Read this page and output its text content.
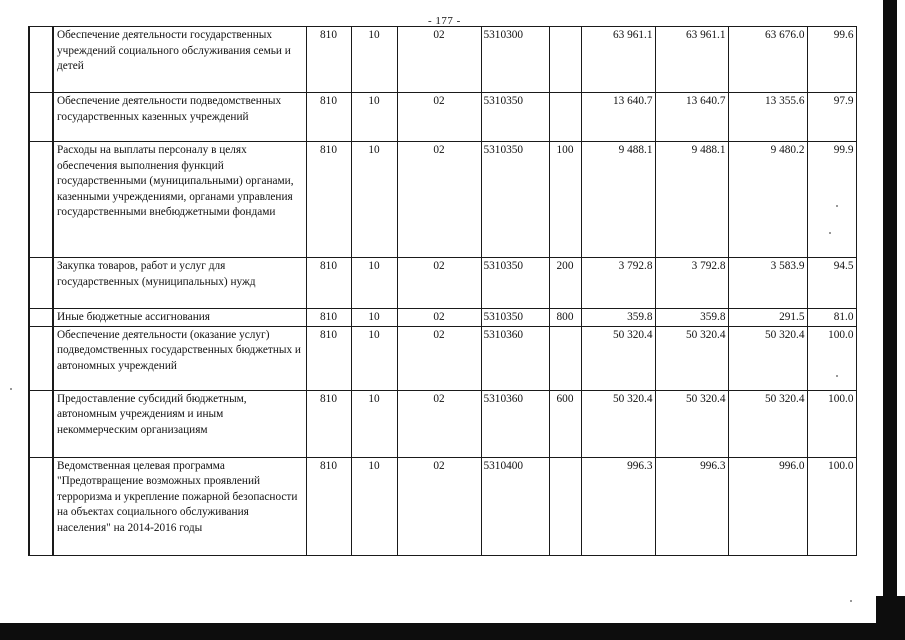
- 177 -
	Обеспечение деятельности государственных учреждений социального обслуживания семьи и детей	810	10	02	5310300		63 961.1	63 961.1	63 676.0	99.6
	Обеспечение деятельности подведомственных государственных казенных учреждений	810	10	02	5310350		13 640.7	13 640.7	13 355.6	97.9
	Расходы на выплаты персоналу в целях обеспечения выполнения функций государственными (муниципальными) органами, казенными учреждениями, органами управления государственными внебюджетными фондами	810	10	02	5310350	100	9 488.1	9 488.1	9 480.2	99.9
	Закупка товаров, работ и услуг для государственных (муниципальных) нужд	810	10	02	5310350	200	3 792.8	3 792.8	3 583.9	94.5
	Иные бюджетные ассигнования	810	10	02	5310350	800	359.8	359.8	291.5	81.0
	Обеспечение деятельности (оказание услуг) подведомственных государственных бюджетных и автономных учреждений	810	10	02	5310360		50 320.4	50 320.4	50 320.4	100.0
	Предоставление субсидий бюджетным, автономным учреждениям и иным некоммерческим организациям	810	10	02	5310360	600	50 320.4	50 320.4	50 320.4	100.0
	Ведомственная целевая программа "Предотвращение возможных проявлений терроризма и укрепление пожарной безопасности на объектах социального обслуживания населения" на 2014-2016 годы	810	10	02	5310400		996.3	996.3	996.0	100.0
